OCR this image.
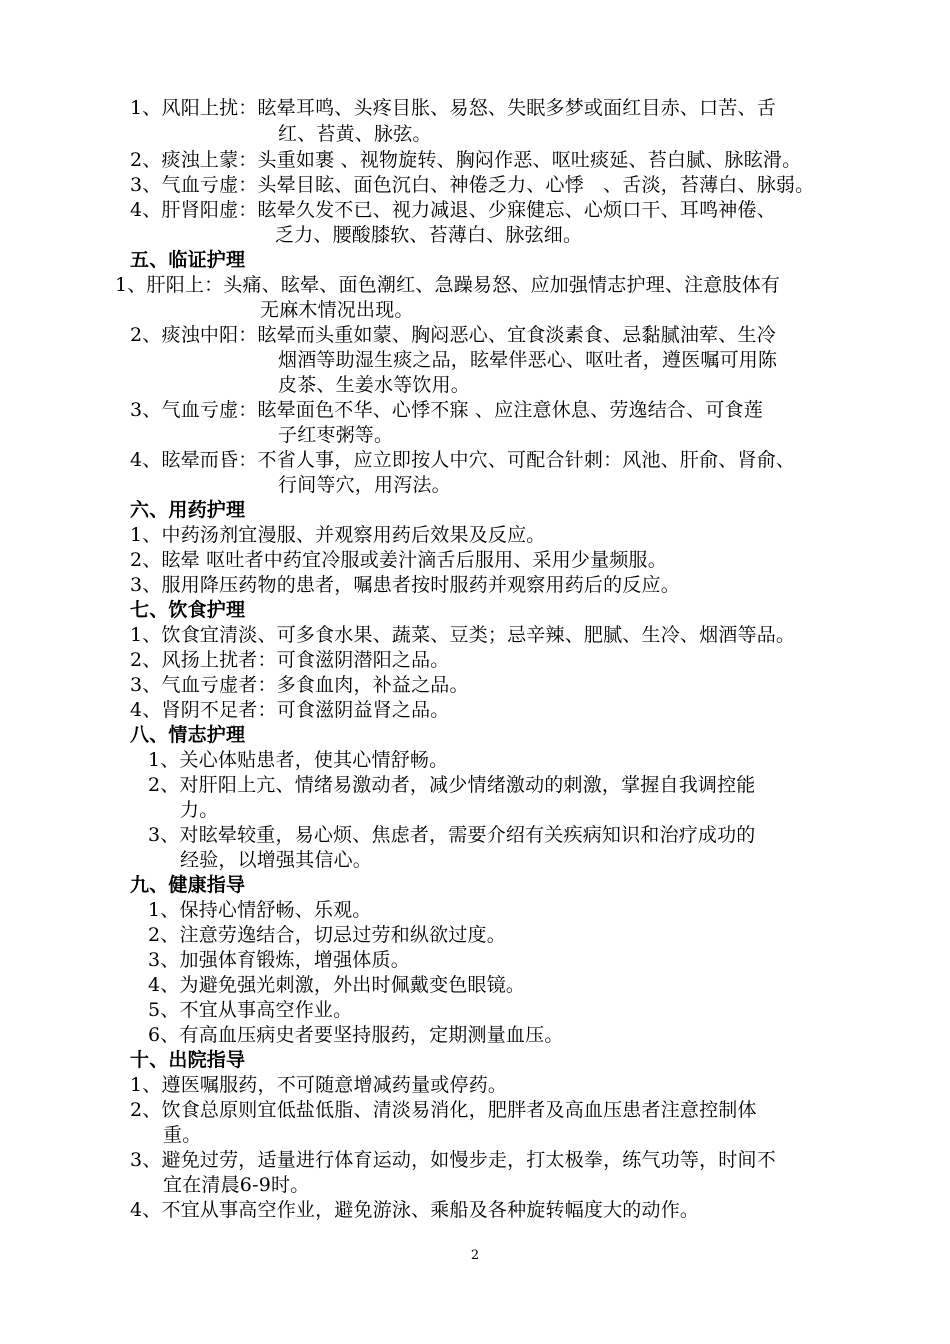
1、风阳上扰：眩晕耳鸣、头疼目胀、易怒、失眠多梦或面红目赤、口苦、舌
红、苔黄、脉弦。
2、痰浊上蒙：头重如裹 、视物旋转、胸闷作恶、呕吐痰延、苔白腻、脉眩滑。
3、气血亏虚：头晕目眩、面色沉白、神倦乏力、心悸　、舌淡，苔薄白、脉弱。
4、肝肾阳虚：眩晕久发不已、视力减退、少寐健忘、心烦口干、耳鸣神倦、
乏力、腰酸膝软、苔薄白、脉弦细。
五、临证护理
1、肝阳上：头痛、眩晕、面色潮红、急躁易怒、应加强情志护理、注意肢体有
无麻木情况出现。
2、痰浊中阳：眩晕而头重如蒙、胸闷恶心、宜食淡素食、忌黏腻油荤、生冷
烟酒等助湿生痰之品，眩晕伴恶心、呕吐者，遵医嘱可用陈
皮茶、生姜水等饮用。
3、气血亏虚：眩晕面色不华、心悸不寐 、应注意休息、劳逸结合、可食莲
子红枣粥等。
4、眩晕而昏：不省人事，应立即按人中穴、可配合针刺：风池、肝俞、肾俞、
行间等穴，用泻法。
六、用药护理
1、中药汤剂宜漫服、并观察用药后效果及反应。
2、眩晕 呕吐者中药宜冷服或姜汁滴舌后服用、采用少量频服。
3、服用降压药物的患者，嘱患者按时服药并观察用药后的反应。
七、饮食护理
1、饮食宜清淡、可多食水果、蔬菜、豆类；忌辛辣、肥腻、生冷、烟酒等品。
2、风扬上扰者：可食滋阴潜阳之品。
3、气血亏虚者：多食血肉，补益之品。
4、肾阴不足者：可食滋阴益肾之品。
八、情志护理
1、关心体贴患者，使其心情舒畅。
2、对肝阳上亢、情绪易激动者，减少情绪激动的刺激，掌握自我调控能
力。
3、对眩晕较重，易心烦、焦虑者，需要介绍有关疾病知识和治疗成功的
经验，以增强其信心。
九、健康指导
1、保持心情舒畅、乐观。
2、注意劳逸结合，切忌过劳和纵欲过度。
3、加强体育锻炼，增强体质。
4、为避免强光刺激，外出时佩戴变色眼镜。
5、不宜从事高空作业。
6、有高血压病史者要坚持服药，定期测量血压。
十、出院指导
1、遵医嘱服药，不可随意增减药量或停药。
2、饮食总原则宜低盐低脂、清淡易消化，肥胖者及高血压患者注意控制体
重。
3、避免过劳，适量进行体育运动，如慢步走，打太极拳，练气功等，时间不
宜在清晨6-9时。
4、不宜从事高空作业，避免游泳、乘船及各种旋转幅度大的动作。
2
